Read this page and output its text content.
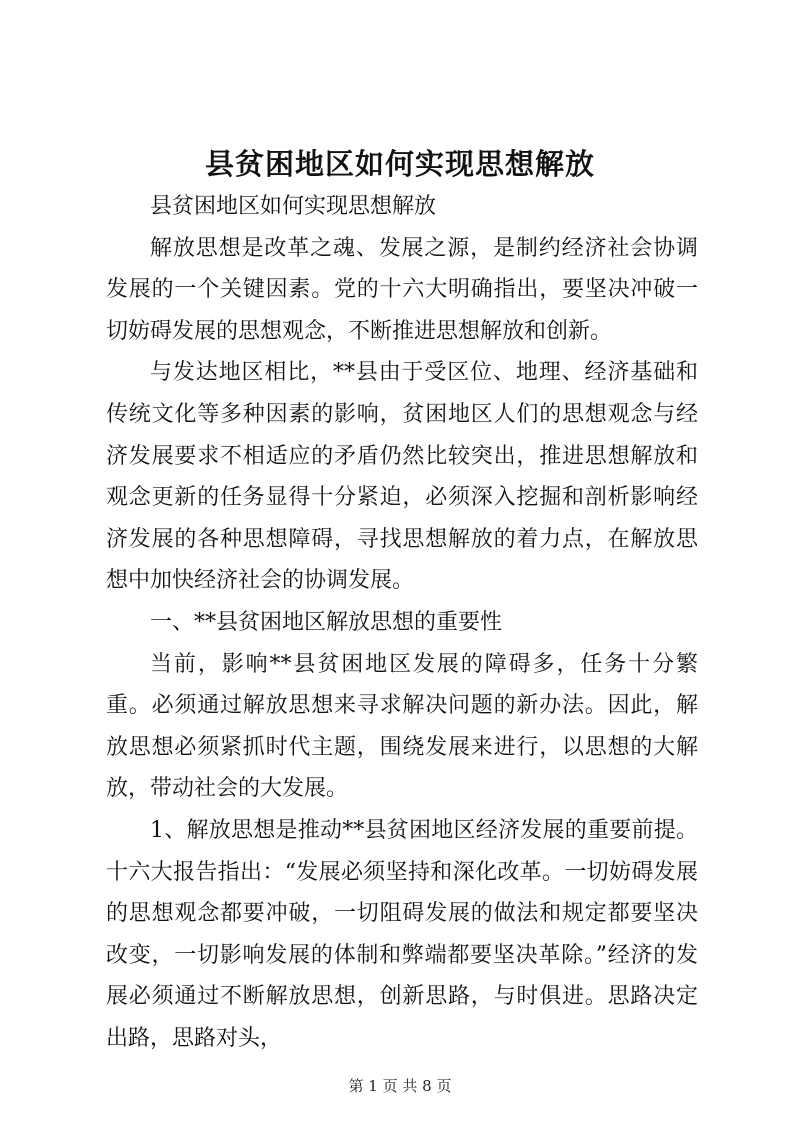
县贫困地区如何实现思想解放

县贫困地区如何实现思想解放

解放思想是改革之魂、发展之源，是制约经济社会协调发展的一个关键因素。党的十六大明确指出，要坚决冲破一切妨碍发展的思想观念，不断推进思想解放和创新。

与发达地区相比，**县由于受区位、地理、经济基础和传统文化等多种因素的影响，贫困地区人们的思想观念与经济发展要求不相适应的矛盾仍然比较突出，推进思想解放和观念更新的任务显得十分紧迫，必须深入挖掘和剖析影响经济发展的各种思想障碍，寻找思想解放的着力点，在解放思想中加快经济社会的协调发展。

一、**县贫困地区解放思想的重要性

当前，影响**县贫困地区发展的障碍多，任务十分繁重。必须通过解放思想来寻求解决问题的新办法。因此，解放思想必须紧抓时代主题，围绕发展来进行，以思想的大解放，带动社会的大发展。

1、解放思想是推动**县贫困地区经济发展的重要前提。十六大报告指出：“发展必须坚持和深化改革。一切妨碍发展的思想观念都要冲破，一切阻碍发展的做法和规定都要坚决改变，一切影响发展的体制和弊端都要坚决革除。”经济的发展必须通过不断解放思想，创新思路，与时俱进。思路决定出路，思路对头，

第 1 页 共 8 页
